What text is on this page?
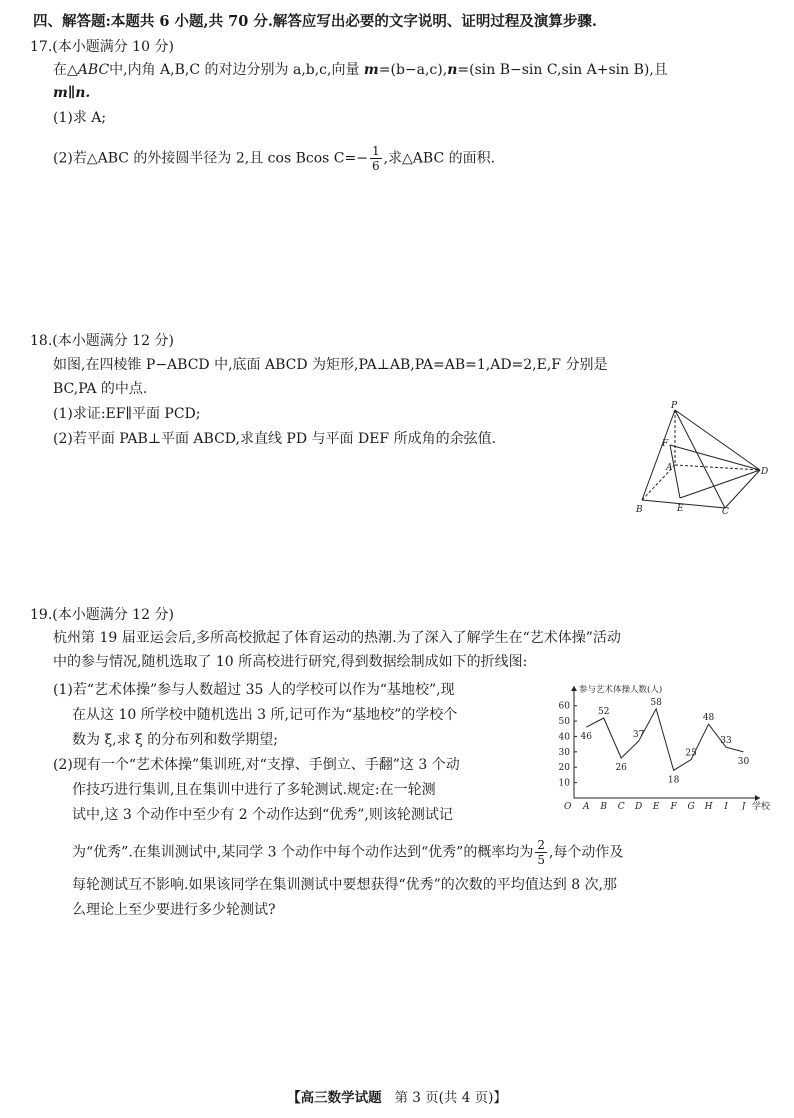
四、解答题:本题共 6 小题,共 70 分.解答应写出必要的文字说明、证明过程及演算步骤.
17.(本小题满分 10 分)
在△ABC中,内角 A,B,C 的对边分别为 a,b,c,向量 m=(b−a,c),n=(sin B−sin C,sin A+sin B),且
m∥n.
(1)求 A;
(2)若△ABC 的外接圆半径为 2,且 cos Bcos $C=- \frac{1}{6}$ ,求△ABC 的面积.
18.(本小题满分 12 分)
如图,在四棱锥 P−ABCD 中,底面 ABCD 为矩形,PA⊥AB,PA=AB=1,AD=2,E,F 分别是
BC,PA 的中点.
(1)求证:EF∥平面 PCD;
(2)若平面 PAB⊥平面 ABCD,求直线 PD 与平面 DEF 所成角的余弦值.
P
F
A	D
B	E	C
19.(本小题满分 12 分)
杭州第 19 届亚运会后,多所高校掀起了体育运动的热潮.为了深入了解学生在“艺术体操”活动
中的参与情况,随机选取了 10 所高校进行研究,得到数据绘制成如下的折线图:
(1)若“艺术体操”参与人数超过 35 人的学校可以作为“基地校”,现
在从这 10 所学校中随机选出 3 所,记可作为“基地校”的学校个
数为 ξ,求 ξ 的分布列和数学期望;
(2)现有一个“艺术体操”集训班,对“支撑、手倒立、手翻”这 3 个动
作技巧进行集训,且在集训中进行了多轮测试.规定:在一轮测
试中,这 3 个动作中至少有 2 个动作达到“优秀”,则该轮测试记
为“优秀”.在集训测试中,某同学 3 个动作中每个动作达到“优秀”的概率均为 $\frac{2}{5}$ ,每个动作及
每轮测试互不影响.如果该同学在集训测试中要想获得“优秀”的次数的平均值达到 8 次,那
么理论上至少要进行多少轮测试?
参与艺术体操人数(人)
学校
O
10
20
30
40
50
60
A B C D E F G H I J
46
52
26
37
58
18
25
48
33
30
【高三数学试题 第 3 页(共 4 页)】
